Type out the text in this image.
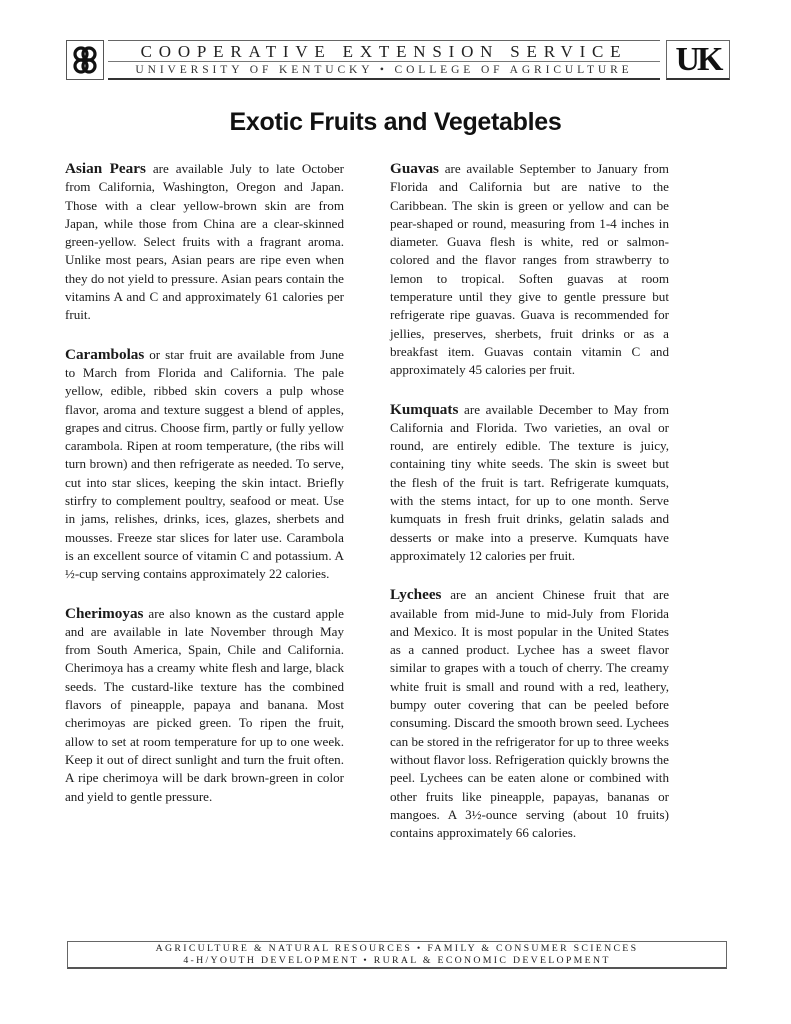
COOPERATIVE EXTENSION SERVICE
UNIVERSITY OF KENTUCKY • COLLEGE OF AGRICULTURE	UK
Exotic Fruits and Vegetables

Asian Pears are available July to late October from California, Washington, Oregon and Japan. Those with a clear yellow-brown skin are from Japan, while those from China are a clear-skinned green-yellow. Select fruits with a fragrant aroma. Unlike most pears, Asian pears are ripe even when they do not yield to pressure. Asian pears contain the vitamins A and C and approximately 61 calories per fruit.

Carambolas or star fruit are available from June to March from Florida and California. The pale yellow, edible, ribbed skin covers a pulp whose flavor, aroma and texture suggest a blend of apples, grapes and citrus. Choose firm, partly or fully yellow carambola. Ripen at room temperature, (the ribs will turn brown) and then refrigerate as needed. To serve, cut into star slices, keeping the skin intact. Briefly stirfry to complement poultry, seafood or meat. Use in jams, relishes, drinks, ices, glazes, sherbets and mousses. Freeze star slices for later use. Carambola is an excellent source of vitamin C and potassium. A ½-cup serving contains approximately 22 calories.

Cherimoyas are also known as the custard apple and are available in late November through May from South America, Spain, Chile and California. Cherimoya has a creamy white flesh and large, black seeds. The custard-like texture has the combined flavors of pineapple, papaya and banana. Most cherimoyas are picked green. To ripen the fruit, allow to set at room temperature for up to one week. Keep it out of direct sunlight and turn the fruit often. A ripe cherimoya will be dark brown-green in color and yield to gentle pressure.

Guavas are available September to January from Florida and California but are native to the Caribbean. The skin is green or yellow and can be pear-shaped or round, measuring from 1-4 inches in diameter. Guava flesh is white, red or salmon-colored and the flavor ranges from strawberry to lemon to tropical. Soften guavas at room temperature until they give to gentle pressure but refrigerate ripe guavas. Guava is recommended for jellies, preserves, sherbets, fruit drinks or as a breakfast item. Guavas contain vitamin C and approximately 45 calories per fruit.

Kumquats are available December to May from California and Florida. Two varieties, an oval or round, are entirely edible. The texture is juicy, containing tiny white seeds. The skin is sweet but the flesh of the fruit is tart. Refrigerate kumquats, with the stems intact, for up to one month. Serve kumquats in fresh fruit drinks, gelatin salads and desserts or make into a preserve. Kumquats have approximately 12 calories per fruit.

Lychees are an ancient Chinese fruit that are available from mid-June to mid-July from Florida and Mexico. It is most popular in the United States as a canned product. Lychee has a sweet flavor similar to grapes with a touch of cherry. The creamy white fruit is small and round with a red, leathery, bumpy outer covering that can be peeled before consuming. Discard the smooth brown seed. Lychees can be stored in the refrigerator for up to three weeks without flavor loss. Refrigeration quickly browns the peel. Lychees can be eaten alone or combined with other fruits like pineapple, papayas, bananas or mangoes. A 3½-ounce serving (about 10 fruits) contains approximately 66 calories.

AGRICULTURE & NATURAL RESOURCES • FAMILY & CONSUMER SCIENCES
4-H/YOUTH DEVELOPMENT • RURAL & ECONOMIC DEVELOPMENT
